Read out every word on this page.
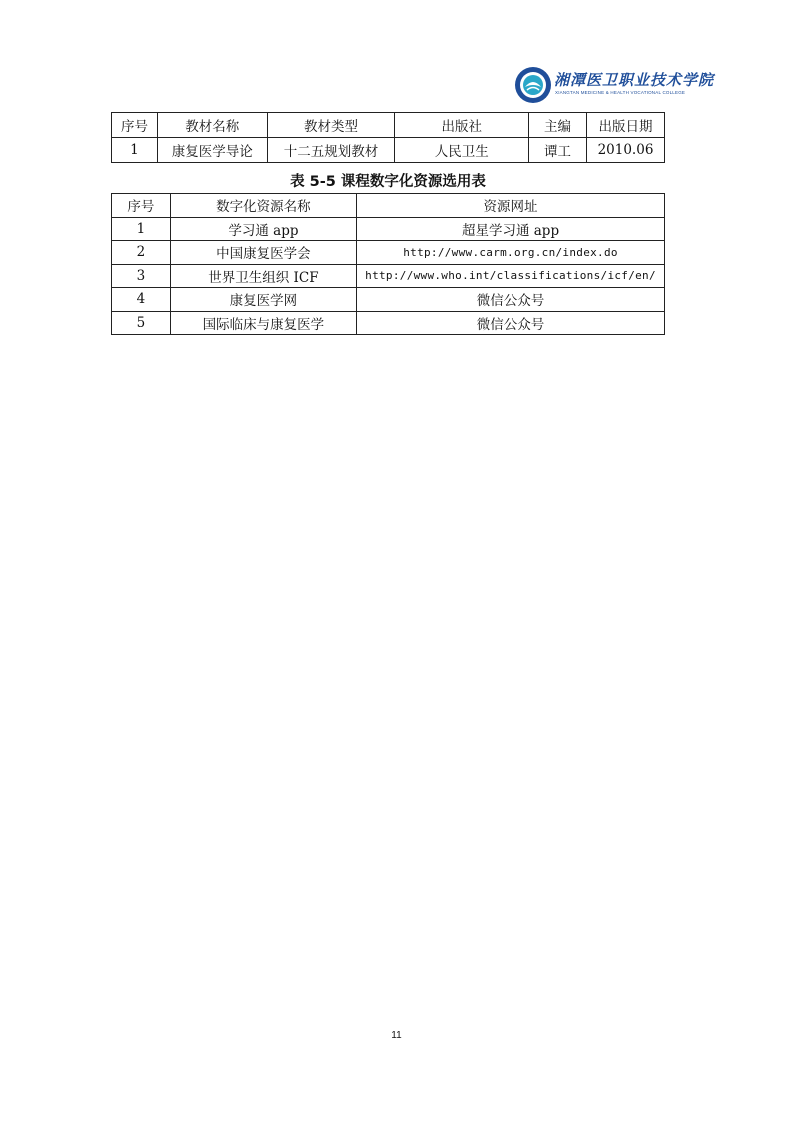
湘潭医卫职业技术学院
XIANGTAN MEDICINE & HEALTH VOCATIONAL COLLEGE
序号	教材名称	教材类型	出版社	主编	出版日期
1	康复医学导论	十二五规划教材	人民卫生	谭工	2010.06
表 5-5 课程数字化资源选用表
序号	数字化资源名称	资源网址
1	学习通 app	超星学习通 app
2	中国康复医学会	http://www.carm.org.cn/index.do
3	世界卫生组织 ICF	http://www.who.int/classifications/icf/en/
4	康复医学网	微信公众号
5	国际临床与康复医学	微信公众号
11
